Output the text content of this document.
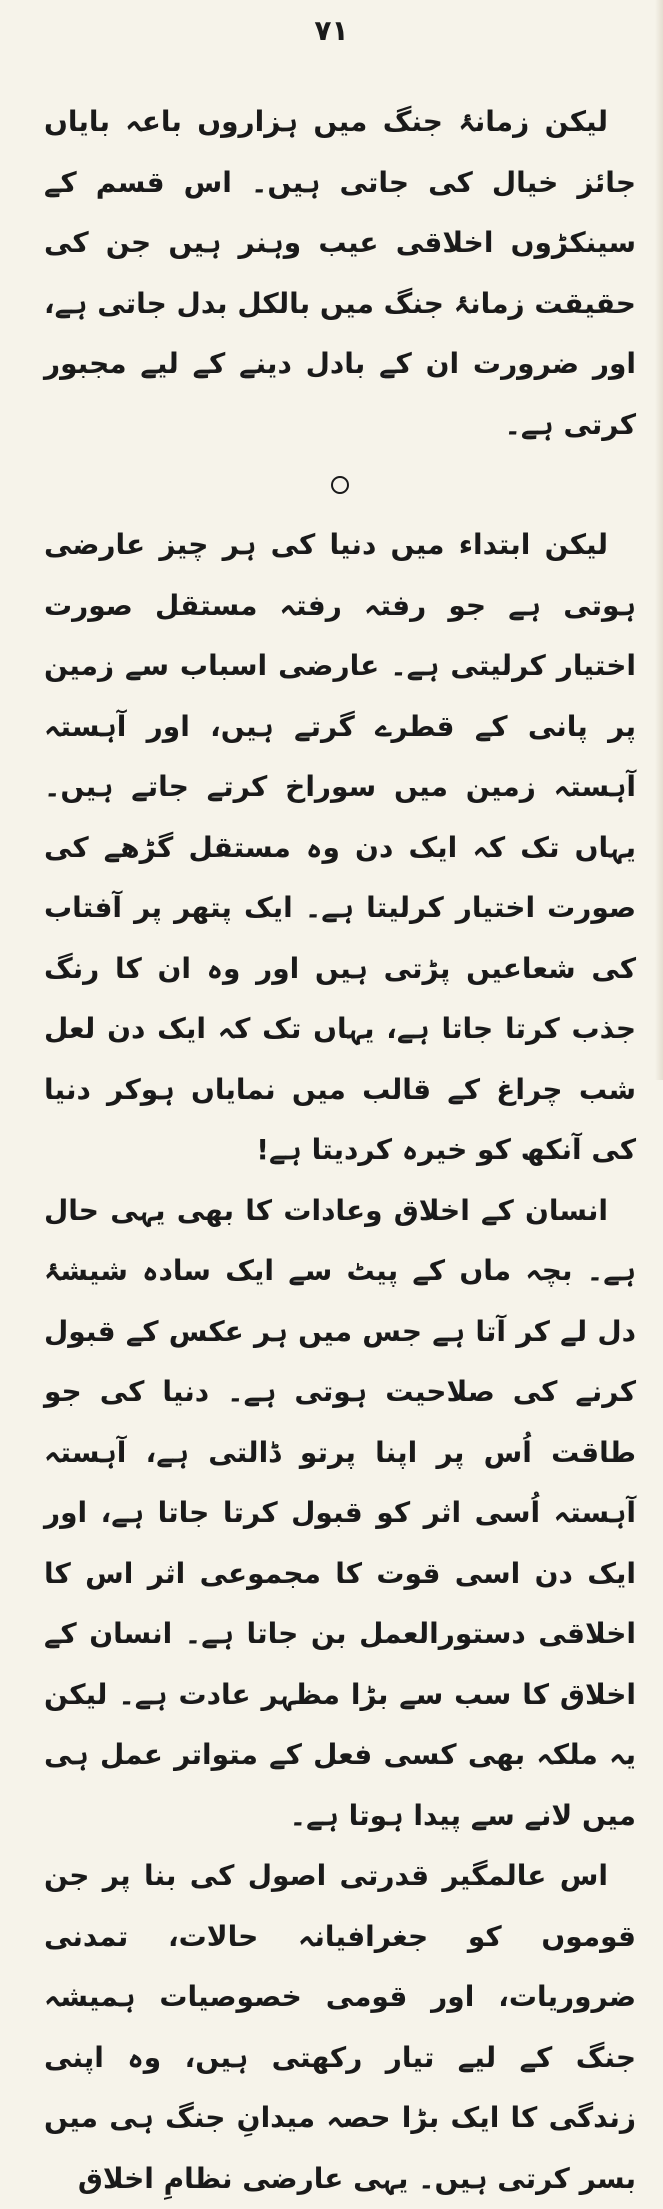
۷۱

لیکن زمانۂ جنگ میں ہزاروں باعہ بایاں جائز خیال کی جاتی ہیں۔ اس قسم کے سینکڑوں اخلاقی عیب وہنر ہیں جن کی حقیقت زمانۂ جنگ میں بالکل بدل جاتی ہے، اور ضرورت ان کے بادل دینے کے لیے مجبور کرتی ہے۔

لیکن ابتداء میں دنیا کی ہر چیز عارضی ہوتی ہے جو رفتہ رفتہ مستقل صورت اختیار کرلیتی ہے۔ عارضی اسباب سے زمین پر پانی کے قطرے گرتے ہیں، اور آہستہ آہستہ زمین میں سوراخ کرتے جاتے ہیں۔ یہاں تک کہ ایک دن وہ مستقل گڑھے کی صورت اختیار کرلیتا ہے۔ ایک پتھر پر آفتاب کی شعاعیں پڑتی ہیں اور وہ ان کا رنگ جذب کرتا جاتا ہے، یہاں تک کہ ایک دن لعل شب چراغ کے قالب میں نمایاں ہوکر دنیا کی آنکھ کو خیرہ کردیتا ہے!

انسان کے اخلاق وعادات کا بھی یہی حال ہے۔ بچہ ماں کے پیٹ سے ایک سادہ شیشۂ دل لے کر آتا ہے جس میں ہر عکس کے قبول کرنے کی صلاحیت ہوتی ہے۔ دنیا کی جو طاقت اُس پر اپنا پرتو ڈالتی ہے، آہستہ آہستہ اُسی اثر کو قبول کرتا جاتا ہے، اور ایک دن اسی قوت کا مجموعی اثر اس کا اخلاقی دستورالعمل بن جاتا ہے۔ انسان کے اخلاق کا سب سے بڑا مظہر عادت ہے۔ لیکن یہ ملکہ بھی کسی فعل کے متواتر عمل ہی میں لانے سے پیدا ہوتا ہے۔

اس عالمگیر قدرتی اصول کی بنا پر جن قوموں کو جغرافیانہ حالات، تمدنی ضروریات، اور قومی خصوصیات ہمیشہ جنگ کے لیے تیار رکھتی ہیں، وہ اپنی زندگی کا ایک بڑا حصہ میدانِ جنگ ہی میں بسر کرتی ہیں۔ یہی عارضی نظامِ اخلاق
